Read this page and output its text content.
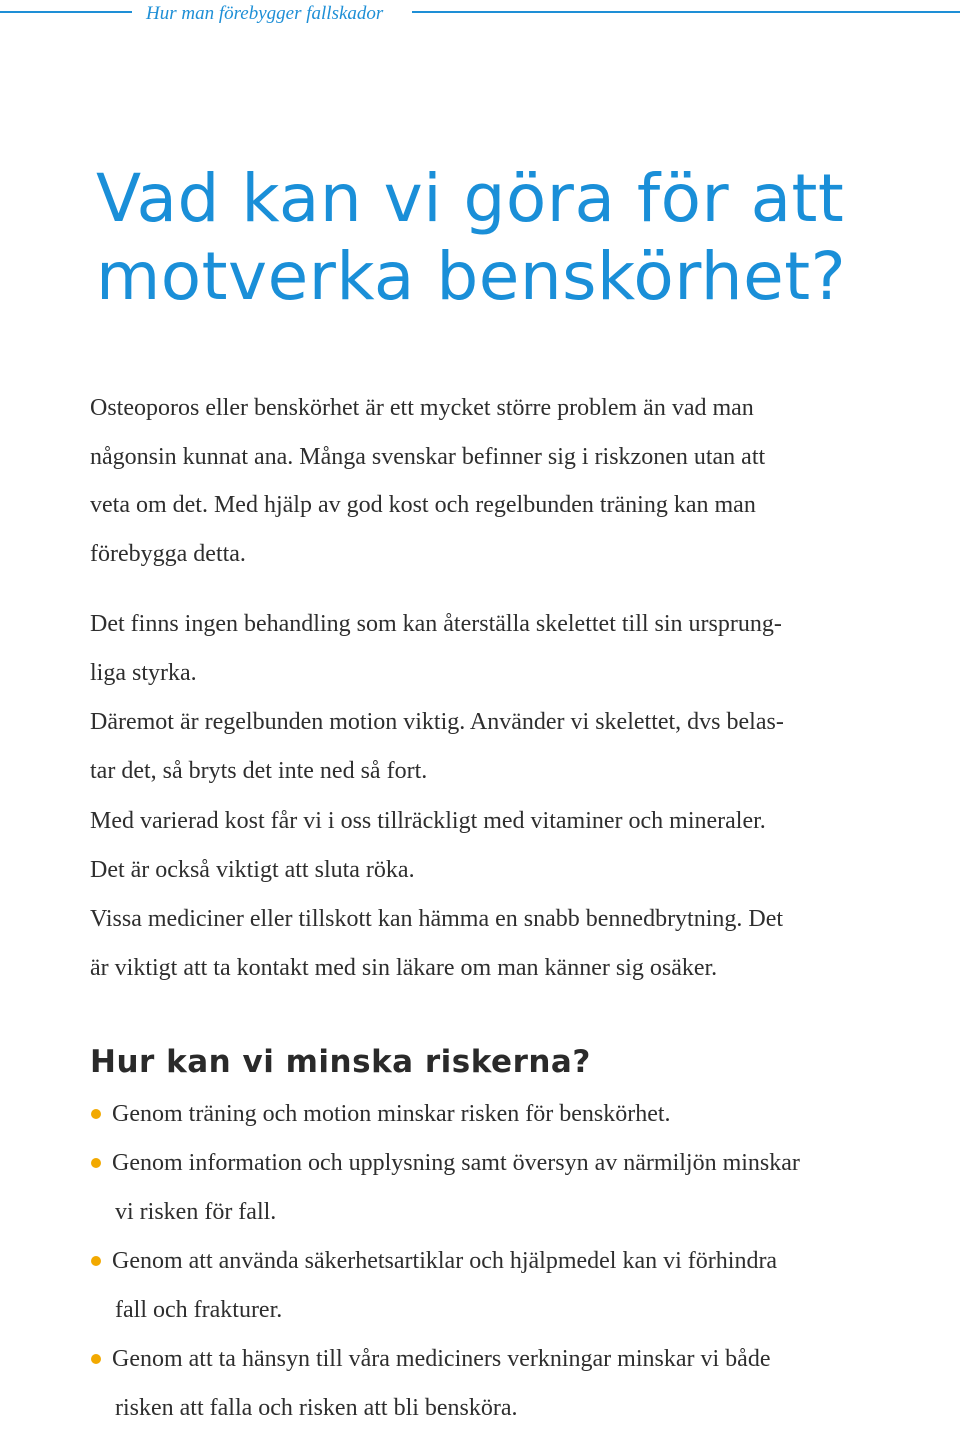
Hur man förebygger fallskador
Vad kan vi göra för att
motverka benskörhet?

Osteoporos eller benskörhet är ett mycket större problem än vad man
någonsin kunnat ana. Många svenskar befinner sig i riskzonen utan att
veta om det. Med hjälp av god kost och regelbunden träning kan man
förebygga detta.

Det finns ingen behandling som kan återställa skelettet till sin ursprung-
liga styrka.

Däremot är regelbunden motion viktig. Använder vi skelettet, dvs belas-
tar det, så bryts det inte ned så fort.

Med varierad kost får vi i oss tillräckligt med vitaminer och mineraler.

Det är också viktigt att sluta röka.

Vissa mediciner eller tillskott kan hämma en snabb bennedbrytning. Det
är viktigt att ta kontakt med sin läkare om man känner sig osäker.

Hur kan vi minska riskerna?
Genom träning och motion minskar risken för benskörhet.
Genom information och upplysning samt översyn av närmiljön minskar
vi risken för fall.
Genom att använda säkerhetsartiklar och hjälpmedel kan vi förhindra
fall och frakturer.
Genom att ta hänsyn till våra mediciners verkningar minskar vi både
risken att falla och risken att bli bensköra.
